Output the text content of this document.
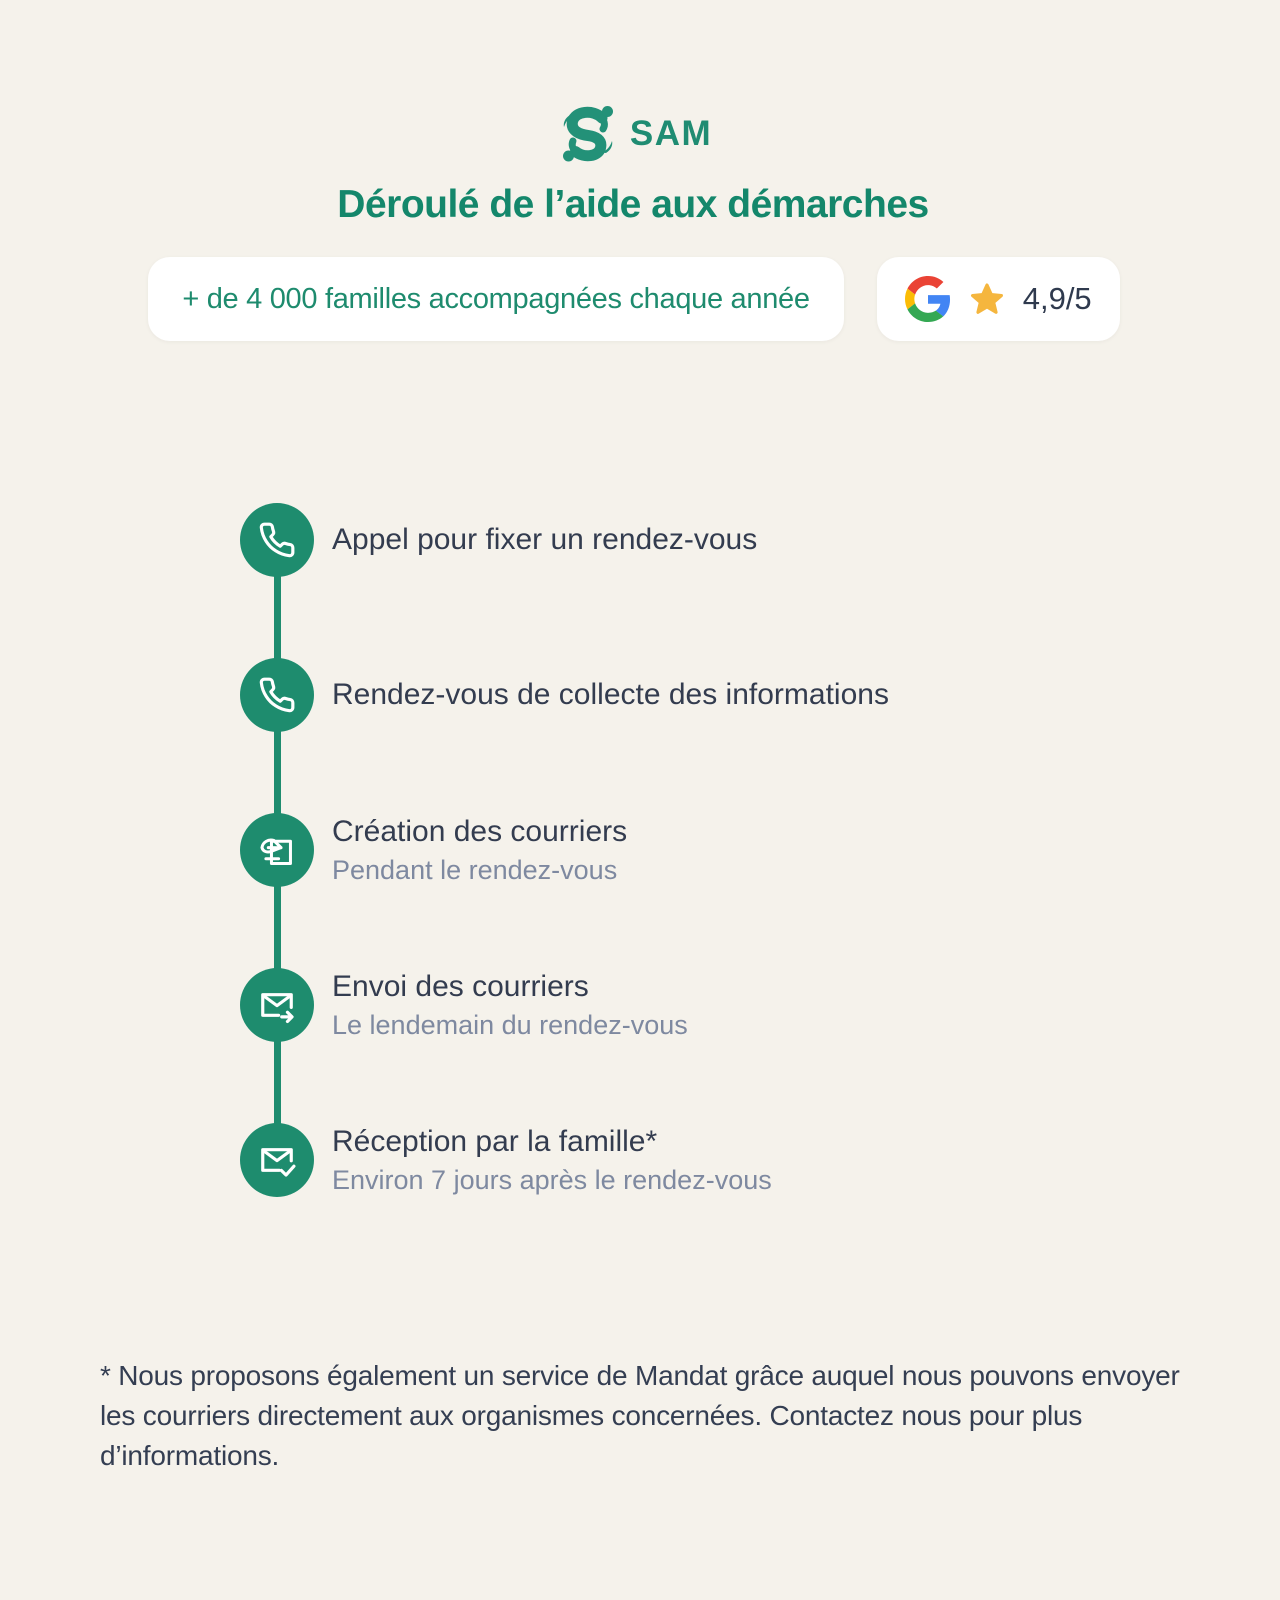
SAM
Déroulé de l’aide aux démarches
+ de 4 000 familles accompagnées chaque année	4,9/5
Appel pour fixer un rendez-vous
Rendez-vous de collecte des informations
Création des courriers
Pendant le rendez-vous
Envoi des courriers
Le lendemain du rendez-vous
Réception par la famille*
Environ 7 jours après le rendez-vous

* Nous proposons également un service de Mandat grâce auquel nous pouvons envoyer les courriers directement aux organismes concernées. Contactez nous pour plus d’informations.
